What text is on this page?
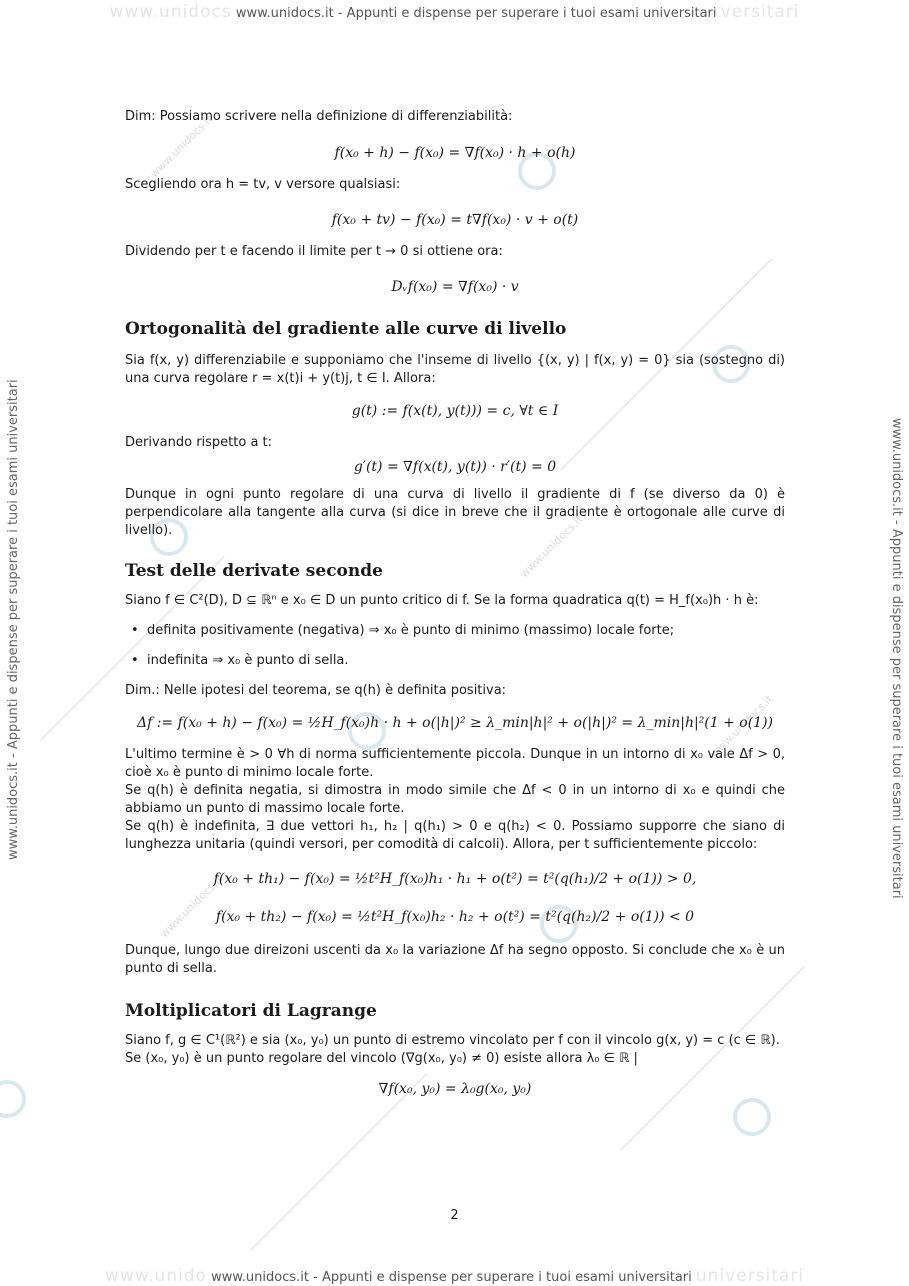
www.unidocs www.unidocs.it - Appunti e dispense per superare i tuoi esami universitari versitari
www.unido www.unidocs.it - Appunti e dispense per superare i tuoi esami universitari universitari
www.unidocs.it - Appunti e dispense per superare i tuoi esami universitari	www.unidocs.it - Appunti e dispense per superare i tuoi esami universitari
www.unidocs.it
www.unidocs.it
www.unidocs.it
www.unidocs.it

Dim: Possiamo scrivere nella definizione di differenziabilità:

f(x₀ + h) − f(x₀) = ∇f(x₀) · h + o(h)

Scegliendo ora h = tv, v versore qualsiasi:

f(x₀ + tv) − f(x₀) = t∇f(x₀) · v + o(t)

Dividendo per t e facendo il limite per t → 0 si ottiene ora:

Dᵥf(x₀) = ∇f(x₀) · v
Ortogonalità del gradiente alle curve di livello

Sia f(x, y) differenziabile e supponiamo che l'inseme di livello {(x, y) | f(x, y) = 0} sia (sostegno di) una curva regolare r = x(t)i + y(t)j, t ∈ I. Allora:

g(t) := f(x(t), y(t))) = c, ∀t ∈ I

Derivando rispetto a t:

g′(t) = ∇f(x(t), y(t)) · r′(t) = 0

Dunque in ogni punto regolare di una curva di livello il gradiente di f (se diverso da 0) è perpendicolare alla tangente alla curva (si dice in breve che il gradiente è ortogonale alle curve di livello).

Test delle derivate seconde

Siano f ∈ C²(D), D ⊆ ℝⁿ e x₀ ∈ D un punto critico di f. Se la forma quadratica q(t) = H_f(x₀)h · h è:

• definita positivamente (negativa) ⇒ x₀ è punto di minimo (massimo) locale forte;
• indefinita ⇒ x₀ è punto di sella.

Dim.: Nelle ipotesi del teorema, se q(h) è definita positiva:

Δf := f(x₀ + h) − f(x₀) = ½H_f(x₀)h · h + o(|h|)² ≥ λ_min|h|² + o(|h|)² = λ_min|h|²(1 + o(1))

L'ultimo termine è > 0 ∀h di norma sufficientemente piccola. Dunque in un intorno di x₀ vale Δf > 0, cioè x₀ è punto di minimo locale forte.

Se q(h) è definita negatia, si dimostra in modo simile che Δf < 0 in un intorno di x₀ e quindi che abbiamo un punto di massimo locale forte.

Se q(h) è indefinita, ∃ due vettori h₁, h₂ | q(h₁) > 0 e q(h₂) < 0. Possiamo supporre che siano di lunghezza unitaria (quindi versori, per comodità di calcoli). Allora, per t sufficientemente piccolo:

f(x₀ + th₁) − f(x₀) = ½t²H_f(x₀)h₁ · h₁ + o(t²) = t²(q(h₁)/2 + o(1)) > 0,
f(x₀ + th₂) − f(x₀) = ½t²H_f(x₀)h₂ · h₂ + o(t²) = t²(q(h₂)/2 + o(1)) < 0

Dunque, lungo due direizoni uscenti da x₀ la variazione Δf ha segno opposto. Si conclude che x₀ è un punto di sella.

Moltiplicatori di Lagrange

Siano f, g ∈ C¹(ℝ²) e sia (x₀, y₀) un punto di estremo vincolato per f con il vincolo g(x, y) = c (c ∈ ℝ).

Se (x₀, y₀) è un punto regolare del vincolo (∇g(x₀, y₀) ≠ 0) esiste allora λ₀ ∈ ℝ |

∇f(x₀, y₀) = λ₀g(x₀, y₀)
2
